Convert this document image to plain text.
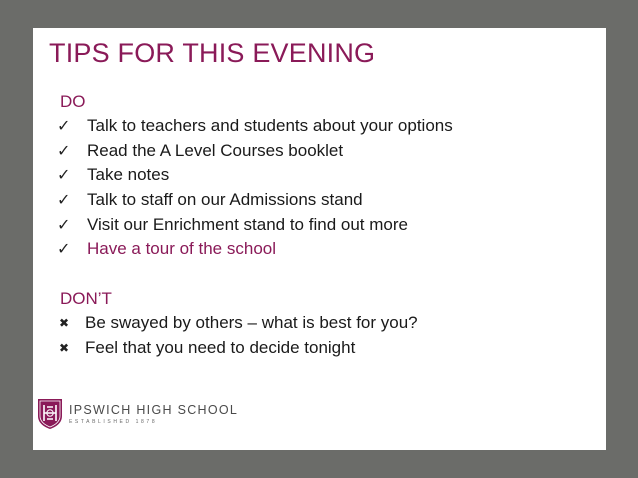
TIPS FOR THIS EVENING
DO
✓ Talk to teachers and students about your options
✓ Read the A Level Courses booklet
✓ Take notes
✓ Talk to staff on our Admissions stand
✓ Visit our Enrichment stand to find out more
✓ Have a tour of the school
DON’T
✖ Be swayed by others – what is best for you?
✖ Feel that you need to decide tonight
IPSWICH HIGH SCHOOL
ESTABLISHED 1878
